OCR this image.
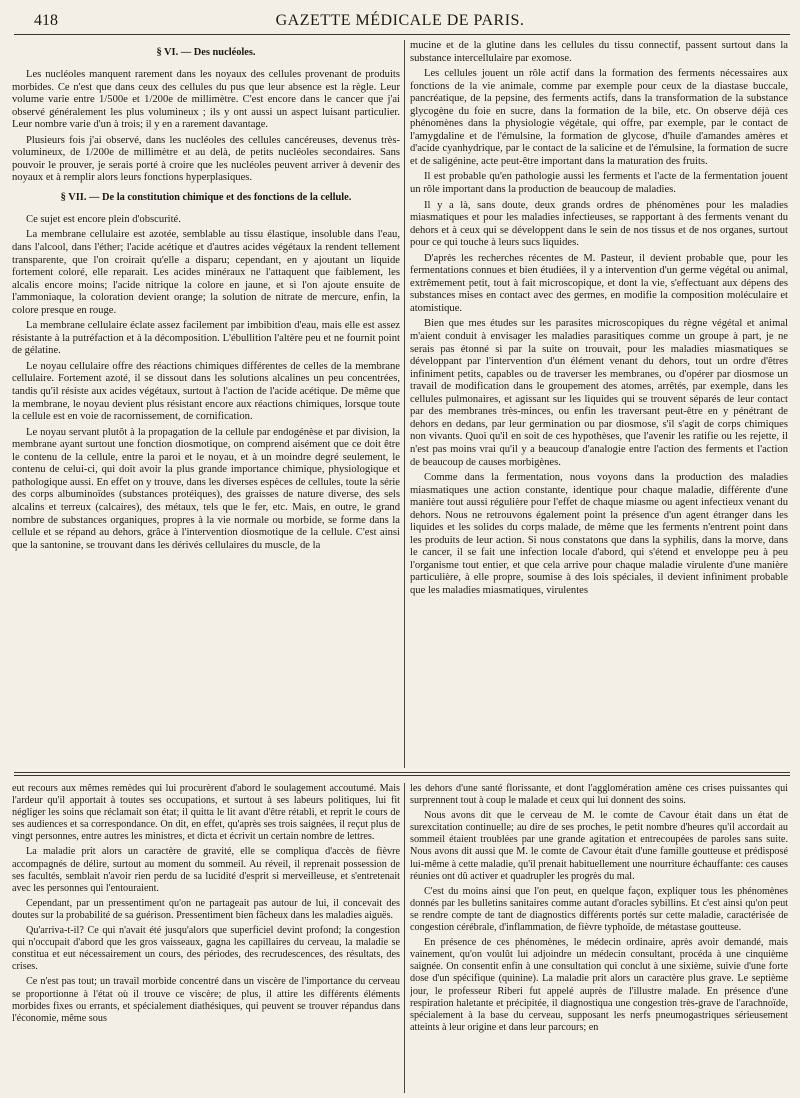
418	GAZETTE MÉDICALE DE PARIS.
§ VI. — Des nucléoles.

Les nucléoles manquent rarement dans les noyaux des cellules provenant de produits morbides. Ce n'est que dans ceux des cellules du pus que leur absence est la règle. Leur volume varie entre 1/500e et 1/200e de millimètre. C'est encore dans le cancer que j'ai observé généralement les plus volumineux ; ils y ont aussi un aspect luisant particulier. Leur nombre varie d'un à trois; il y en a rarement davantage.

Plusieurs fois j'ai observé, dans les nucléoles des cellules cancéreuses, devenus très-volumineux, de 1/200e de millimètre et au delà, de petits nucléoles secondaires. Sans pouvoir le prouver, je serais porté à croire que les nucléoles peuvent arriver à devenir des noyaux et à remplir alors leurs fonctions hyperplasiques.

§ VII. — De la constitution chimique et des fonctions de la cellule.

Ce sujet est encore plein d'obscurité.

La membrane cellulaire est azotée, semblable au tissu élastique, insoluble dans l'eau, dans l'alcool, dans l'éther; l'acide acétique et d'autres acides végétaux la rendent tellement transparente, que l'on croirait qu'elle a disparu; cependant, en y ajoutant un liquide fortement coloré, elle reparait. Les acides minéraux ne l'attaquent que faiblement, les alcalis encore moins; l'acide nitrique la colore en jaune, et si l'on ajoute ensuite de l'ammoniaque, la coloration devient orange; la solution de nitrate de mercure, enfin, la colore presque en rouge.

La membrane cellulaire éclate assez facilement par imbibition d'eau, mais elle est assez résistante à la putréfaction et à la décomposition. L'ébullition l'altère peu et ne fournit point de gélatine.

Le noyau cellulaire offre des réactions chimiques différentes de celles de la membrane cellulaire. Fortement azoté, il se dissout dans les solutions alcalines un peu concentrées, tandis qu'il résiste aux acides végétaux, surtout à l'action de l'acide acétique. De même que la membrane, le noyau devient plus résistant encore aux réactions chimiques, lorsque toute la cellule est en voie de racornissement, de cornification.

Le noyau servant plutôt à la propagation de la cellule par endogénèse et par division, la membrane ayant surtout une fonction diosmotique, on comprend aisément que ce doit être le contenu de la cellule, entre la paroi et le noyau, et à un moindre degré seulement, le contenu de celui-ci, qui doit avoir la plus grande importance chimique, physiologique et pathologique aussi. En effet on y trouve, dans les diverses espèces de cellules, toute la série des corps albuminoïdes (substances protéiques), des graisses de nature diverse, des sels alcalins et terreux (calcaires), des métaux, tels que le fer, etc. Mais, en outre, le grand nombre de substances organiques, propres à la vie normale ou morbide, se forme dans la cellule et se répand au dehors, grâce à l'intervention diosmotique de la cellule. C'est ainsi que la santonine, se trouvant dans les dérivés cellulaires du muscle, de la

mucine et de la glutine dans les cellules du tissu connectif, passent surtout dans la substance intercellulaire par exomose.

Les cellules jouent un rôle actif dans la formation des ferments nécessaires aux fonctions de la vie animale, comme par exemple pour ceux de la diastase buccale, pancréatique, de la pepsine, des ferments actifs, dans la transformation de la substance glycogène du foie en sucre, dans la formation de la bile, etc. On observe déjà ces phénomènes dans la physiologie végétale, qui offre, par exemple, par le contact de l'amygdaline et de l'émulsine, la formation de glycose, d'huile d'amandes amères et d'acide cyanhydrique, par le contact de la salicine et de l'émulsine, la formation de sucre et de saligénine, acte peut-être important dans la maturation des fruits.

Il est probable qu'en pathologie aussi les ferments et l'acte de la fermentation jouent un rôle important dans la production de beaucoup de maladies.

Il y a là, sans doute, deux grands ordres de phénomènes pour les maladies miasmatiques et pour les maladies infectieuses, se rapportant à des ferments venant du dehors et à ceux qui se développent dans le sein de nos tissus et de nos organes, surtout pour ce qui touche à leurs sucs liquides.

D'après les recherches récentes de M. Pasteur, il devient probable que, pour les fermentations connues et bien étudiées, il y a intervention d'un germe végétal ou animal, extrêmement petit, tout à fait microscopique, et dont la vie, s'effectuant aux dépens des substances mises en contact avec des germes, en modifie la composition moléculaire et atomistique.

Bien que mes études sur les parasites microscopiques du règne végétal et animal m'aient conduit à envisager les maladies parasitiques comme un groupe à part, je ne serais pas étonné si par la suite on trouvait, pour les maladies miasmatiques se développant par l'intervention d'un élément venant du dehors, tout un ordre d'êtres infiniment petits, capables ou de traverser les membranes, ou d'opérer par diosmose un travail de modification dans le groupement des atomes, arrêtés, par exemple, dans les cellules pulmonaires, et agissant sur les liquides qui se trouvent séparés de leur contact par des membranes très-minces, ou enfin les traversant peut-être en y pénétrant de dehors en dedans, par leur germination ou par diosmose, s'il s'agit de corps chimiques non vivants. Quoi qu'il en soit de ces hypothèses, que l'avenir les ratifie ou les rejette, il n'est pas moins vrai qu'il y a beaucoup d'analogie entre l'action des ferments et l'action de beaucoup de causes morbigènes.

Comme dans la fermentation, nous voyons dans la production des maladies miasmatiques une action constante, identique pour chaque maladie, différente d'une manière tout aussi régulière pour l'effet de chaque miasme ou agent infectieux venant du dehors. Nous ne retrouvons également point la présence d'un agent étranger dans les liquides et les solides du corps malade, de même que les ferments n'entrent point dans les produits de leur action. Si nous constatons que dans la syphilis, dans la morve, dans le cancer, il se fait une infection locale d'abord, qui s'étend et enveloppe peu à peu l'organisme tout entier, et que cela arrive pour chaque maladie virulente d'une manière particulière, à elle propre, soumise à des lois spéciales, il devient infiniment probable que les maladies miasmatiques, virulentes

eut recours aux mêmes remèdes qui lui procurèrent d'abord le soulagement accoutumé. Mais l'ardeur qu'il apportait à toutes ses occupations, et surtout à ses labeurs politiques, lui fit négliger les soins que réclamait son état; il quitta le lit avant d'être rétabli, et reprit le cours de ses audiences et sa correspondance. On dit, en effet, qu'après ses trois saignées, il reçut plus de vingt personnes, entre autres les ministres, et dicta et écrivit un certain nombre de lettres.

La maladie prit alors un caractère de gravité, elle se compliqua d'accès de fièvre accompagnés de délire, surtout au moment du sommeil. Au réveil, il reprenait possession de ses facultés, semblait n'avoir rien perdu de sa lucidité d'esprit si merveilleuse, et s'entretenait avec les personnes qui l'entouraient.

Cependant, par un pressentiment qu'on ne partageait pas autour de lui, il concevait des doutes sur la probabilité de sa guérison. Pressentiment bien fâcheux dans les maladies aiguës.

Qu'arriva-t-il? Ce qui n'avait été jusqu'alors que superficiel devint profond; la congestion qui n'occupait d'abord que les gros vaisseaux, gagna les capillaires du cerveau, la maladie se constitua et eut nécessairement un cours, des périodes, des recrudescences, des résultats, des crises.

Ce n'est pas tout; un travail morbide concentré dans un viscère de l'importance du cerveau se proportionne à l'état où il trouve ce viscère; de plus, il attire les différents éléments morbides fixes ou errants, et spécialement diathésiques, qui peuvent se trouver répandus dans l'économie, même sous

les dehors d'une santé florissante, et dont l'agglomération amène ces crises puissantes qui surprennent tout à coup le malade et ceux qui lui donnent des soins.

Nous avons dit que le cerveau de M. le comte de Cavour était dans un état de surexcitation continuelle; au dire de ses proches, le petit nombre d'heures qu'il accordait au sommeil étaient troublées par une grande agitation et entrecoupées de paroles sans suite. Nous avons dit aussi que M. le comte de Cavour était d'une famille goutteuse et prédisposé lui-même à cette maladie, qu'il prenait habituellement une nourriture échauffante: ces causes réunies ont dû activer et quadrupler les progrès du mal.

C'est du moins ainsi que l'on peut, en quelque façon, expliquer tous les phénomènes donnés par les bulletins sanitaires comme autant d'oracles sybillins. Et c'est ainsi qu'on peut se rendre compte de tant de diagnostics différents portés sur cette maladie, caractérisée de congestion cérébrale, d'inflammation, de fièvre typhoïde, de métastase goutteuse.

En présence de ces phénomènes, le médecin ordinaire, après avoir demandé, mais vainement, qu'on voulût lui adjoindre un médecin consultant, procéda à une cinquième saignée. On consentit enfin à une consultation qui conclut à une sixième, suivie d'une forte dose d'un spécifique (quinine). La maladie prit alors un caractère plus grave. Le septième jour, le professeur Riberi fut appelé auprès de l'illustre malade. En présence d'une respiration haletante et précipitée, il diagnostiqua une congestion très-grave de l'arachnoïde, spécialement à la base du cerveau, supposant les nerfs pneumogastriques sérieusement atteints à leur origine et dans leur parcours; en
